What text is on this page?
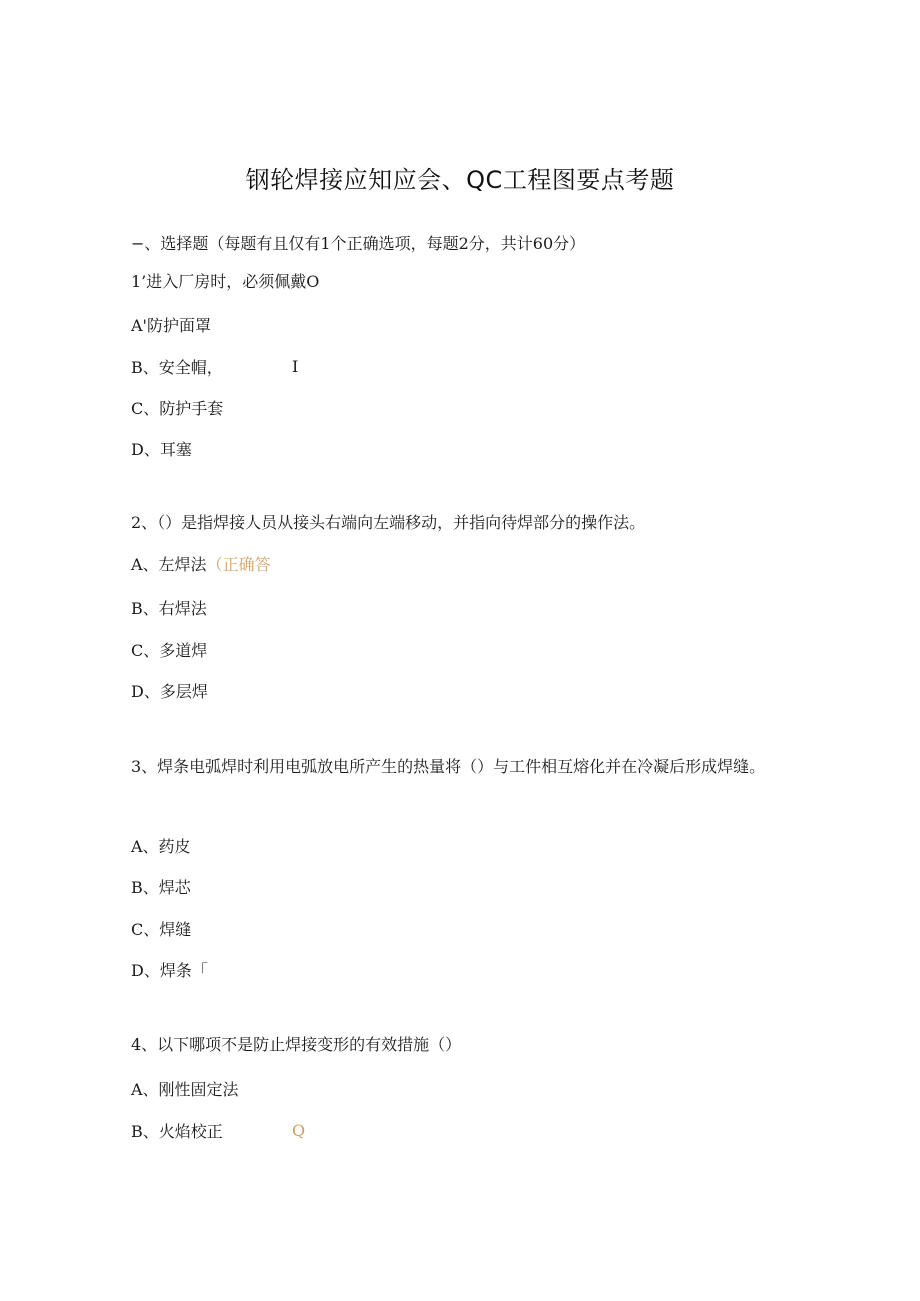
钢轮焊接应知应会、QC工程图要点考题
−、选择题（每题有且仅有1个正确选项，每题2分，共计60分）
1’进入厂房时，必须佩戴O
A'防护面罩
B、安全帽，	I
C、防护手套
D、耳塞
2、（）是指焊接人员从接头右端向左端移动，并指向待焊部分的操作法。
A、左焊法（正确答
B、右焊法
C、多道焊
D、多层焊
3、焊条电弧焊时利用电弧放电所产生的热量将（）与工件相互熔化并在冷凝后形成焊缝。
A、药皮
B、焊芯
C、焊缝
D、焊条「
4、以下哪项不是防止焊接变形的有效措施（）
A、刚性固定法
B、火焰校正	Q
